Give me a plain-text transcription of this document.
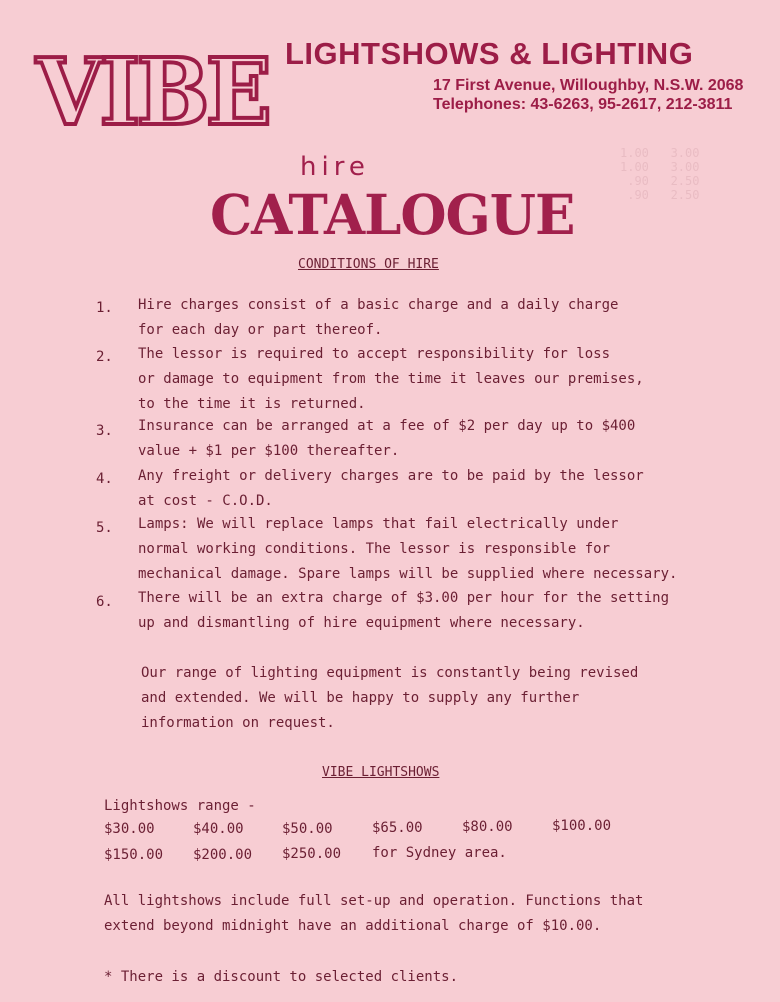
1.00   3.00
1.00   3.00
.90   2.50
.90   2.50
VIBE LIGHTSHOWS & LIGHTING
17 First Avenue, Willoughby, N.S.W. 2068
Telephones: 43-6263, 95-2617, 212-3811
hire
CATALOGUE
CONDITIONS OF HIRE
1. Hire charges consist of a basic charge and a daily charge
for each day or part thereof.
2. The lessor is required to accept responsibility for loss
or damage to equipment from the time it leaves our premises,
to the time it is returned.
3. Insurance can be arranged at a fee of $2 per day up to $400
value + $1 per $100 thereafter.
4. Any freight or delivery charges are to be paid by the lessor
at cost - C.O.D.
5. Lamps: We will replace lamps that fail electrically under
normal working conditions. The lessor is responsible for
mechanical damage. Spare lamps will be supplied where necessary.
6. There will be an extra charge of $3.00 per hour for the setting
up and dismantling of hire equipment where necessary.
Our range of lighting equipment is constantly being revised
and extended. We will be happy to supply any further
information on request.
VIBE LIGHTSHOWS
Lightshows range -
$30.00	$40.00	$50.00	$65.00	$80.00	$100.00
$150.00 $200.00 $250.00 for Sydney area.
All lightshows include full set-up and operation. Functions that
extend beyond midnight have an additional charge of $10.00.
* There is a discount to selected clients.
